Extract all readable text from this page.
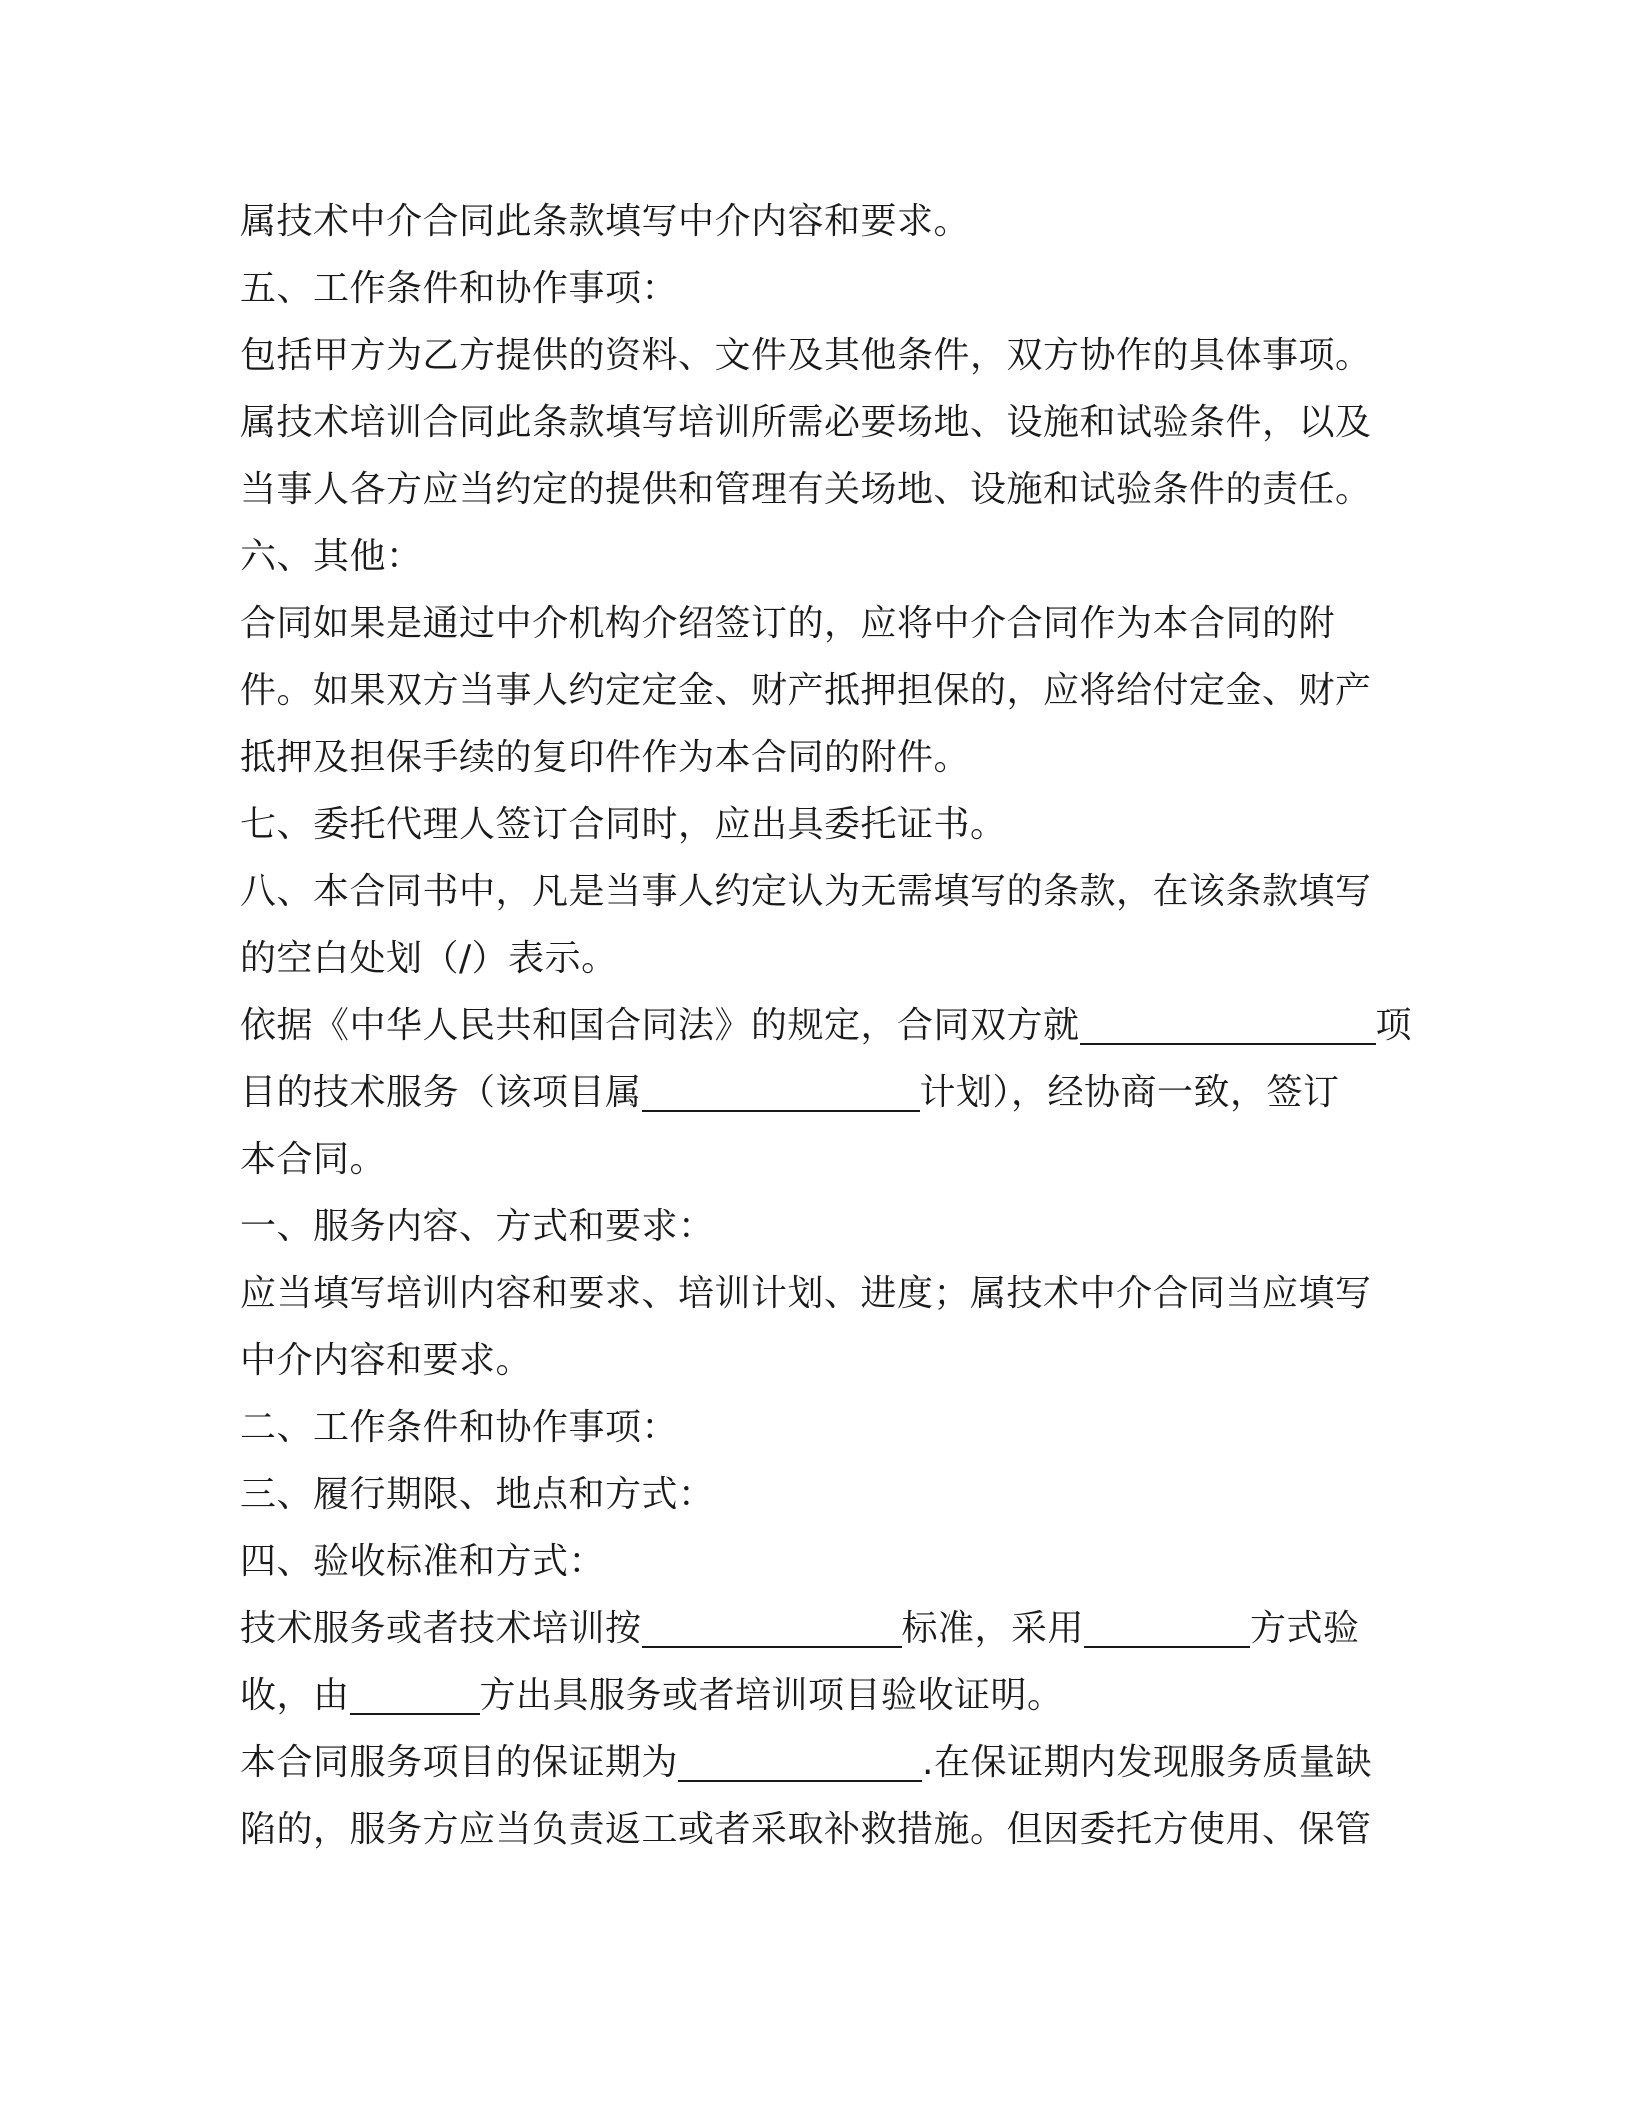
属技术中介合同此条款填写中介内容和要求。
五、工作条件和协作事项：
包括甲方为乙方提供的资料、文件及其他条件，双方协作的具体事项。
属技术培训合同此条款填写培训所需必要场地、设施和试验条件，以及
当事人各方应当约定的提供和管理有关场地、设施和试验条件的责任。
六、其他：
合同如果是通过中介机构介绍签订的，应将中介合同作为本合同的附
件。如果双方当事人约定定金、财产抵押担保的，应将给付定金、财产
抵押及担保手续的复印件作为本合同的附件。
七、委托代理人签订合同时，应出具委托证书。
八、本合同书中，凡是当事人约定认为无需填写的条款，在该条款填写
的空白处划（/）表示。
依据《中华人民共和国合同法》的规定，合同双方就	项
目的技术服务（该项目属	计划），经协商一致，签订
本合同。
一、服务内容、方式和要求：
应当填写培训内容和要求、培训计划、进度；属技术中介合同当应填写
中介内容和要求。
二、工作条件和协作事项：
三、履行期限、地点和方式：
四、验收标准和方式：
技术服务或者技术培训按	标准，采用	方式验
收，由	方出具服务或者培训项目验收证明。
本合同服务项目的保证期为	.在保证期内发现服务质量缺
陷的，服务方应当负责返工或者采取补救措施。但因委托方使用、保管
